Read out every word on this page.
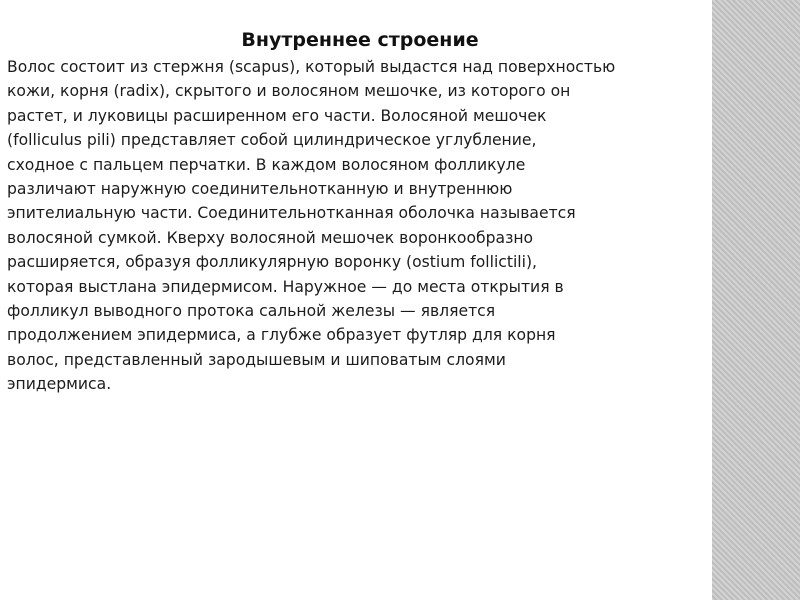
Внутреннее строение
Волос состоит из стержня (scapus), который выдастся над поверхностью
кожи, корня (radix), скрытого и волосяном мешочке, из которого он
растет, и луковицы расширенном его части. Волосяной мешочек
(folliculus pili) представляет собой цилиндрическое углубление,
сходное с пальцем перчатки. В каждом волосяном фолликуле
различают наружную соединительнотканную и внутреннюю
эпителиальную части. Соединительнотканная оболочка называется
волосяной сумкой. Кверху волосяной мешочек воронкообразно
расширяется, образуя фолликулярную воронку (ostium follictili),
которая выстлана эпидермисом. Наружное — до места открытия в
фолликул выводного протока сальной железы — является
продолжением эпидермиса, а глубже образует футляр для корня
волос, представленный зародышевым и шиповатым слоями
эпидермиса.
